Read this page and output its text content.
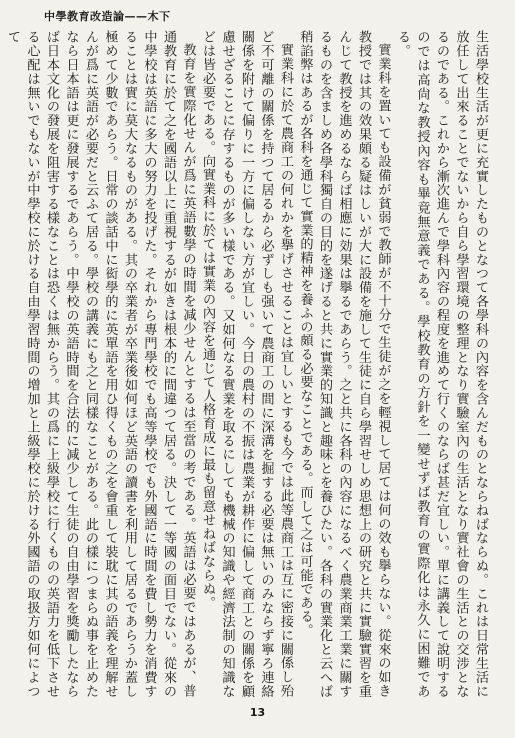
中學教育改造論——木下

生活學校生活が更に充實したものとなつて各學科の內容を含んだものとならねばならぬ。これは日常生活に放任して出來ることでないから自ら學習環境の整理となり實驗室內の生活となり實社會の生活との交涉となるのである。これから漸次進んで學科內容の程度を進めて行くのならば甚だ宜しい。單に講義して說明するのでは高尙な教授內容も畢竟無意義である。學校教育の方針を一變せずば教育の實際化は永久に困難である。

實業科を置いても設備が貧弱で教師が不十分で生徒が之を輕視して居ては何の效も擧らない。從來の如き教授では其の效果頗る疑はしいが大に設備を施して生徒に自ら學習せしめ思想上の研究と共に實驗實習を重んじて教授を進めるならば相應に効果は擧るであらう。之と共に各科の內容になるべく農業商業工業に關するものを含ましめ各學科獨自の目的を遂げると共に實業的知識と趣味とを養ひたい。各科の實業化と云へば稍諂弊はあるが各科を通じて實業的精神を養ふの頗る必要なことである。而して之は可能である。

實業科に於て農商工の何れかを擧げさせることは宜しいとするも今では此等農商工は互に密接に關係し殆ど不可離の關係を持つて居るから必ずしも强いて農商工の間に深溝を掘する必要は無いのみならず寧ろ連絡關係を附けて偏りに一方に偏しない方が宜しい。今日の農村の不振は農業が耕作に偏して商工との關係を顧慮せざることに存するものが多い樣である。又如何なる實業を取るにしても機械の知識や經濟法制の知識などは皆必要である。向實業科に於ては實業の內容を通じて人格育成に最も留意せねばならぬ。

教育を實際化せんが爲に英語數學の時間を减少せんとするは至當の考である。英語は必要ではあるが、普通教育に於て之を國語以上に重視するが如きは根本的に間違つて居る。決して一等國の面目でない。從來の中學校は英語に多大の努力を投げた。それから專門學校でも高等學校でも外國語に時間を費し勢力を消費することは實に莫大なるものがある。其の卒業者が卒業後如何ほど英語の讀書を利用して居るであらうか蓋し極めて少數であらう。日常の談話中に衒學的に英單語を用ひ得くもの之を會重して裝耽に其の語義を理解せんが爲に英語が必要だと云ふて居る。學校の講義にも之と同樣なことがある。此の樣につまらぬ事を止めたなら日本語は更に發展するであらう。中學校の英語時間を合法的に减少して生徒の自由學習を獎勵したならば日本文化の發展を阻害する樣なことは恐くは無からう。其の爲に上級學校に行くものの英語力を低下させる心配は無いでもないが中學校に於ける自由學習時間の增加と上級學校に於ける外國語の取扱方如何によつて

13
